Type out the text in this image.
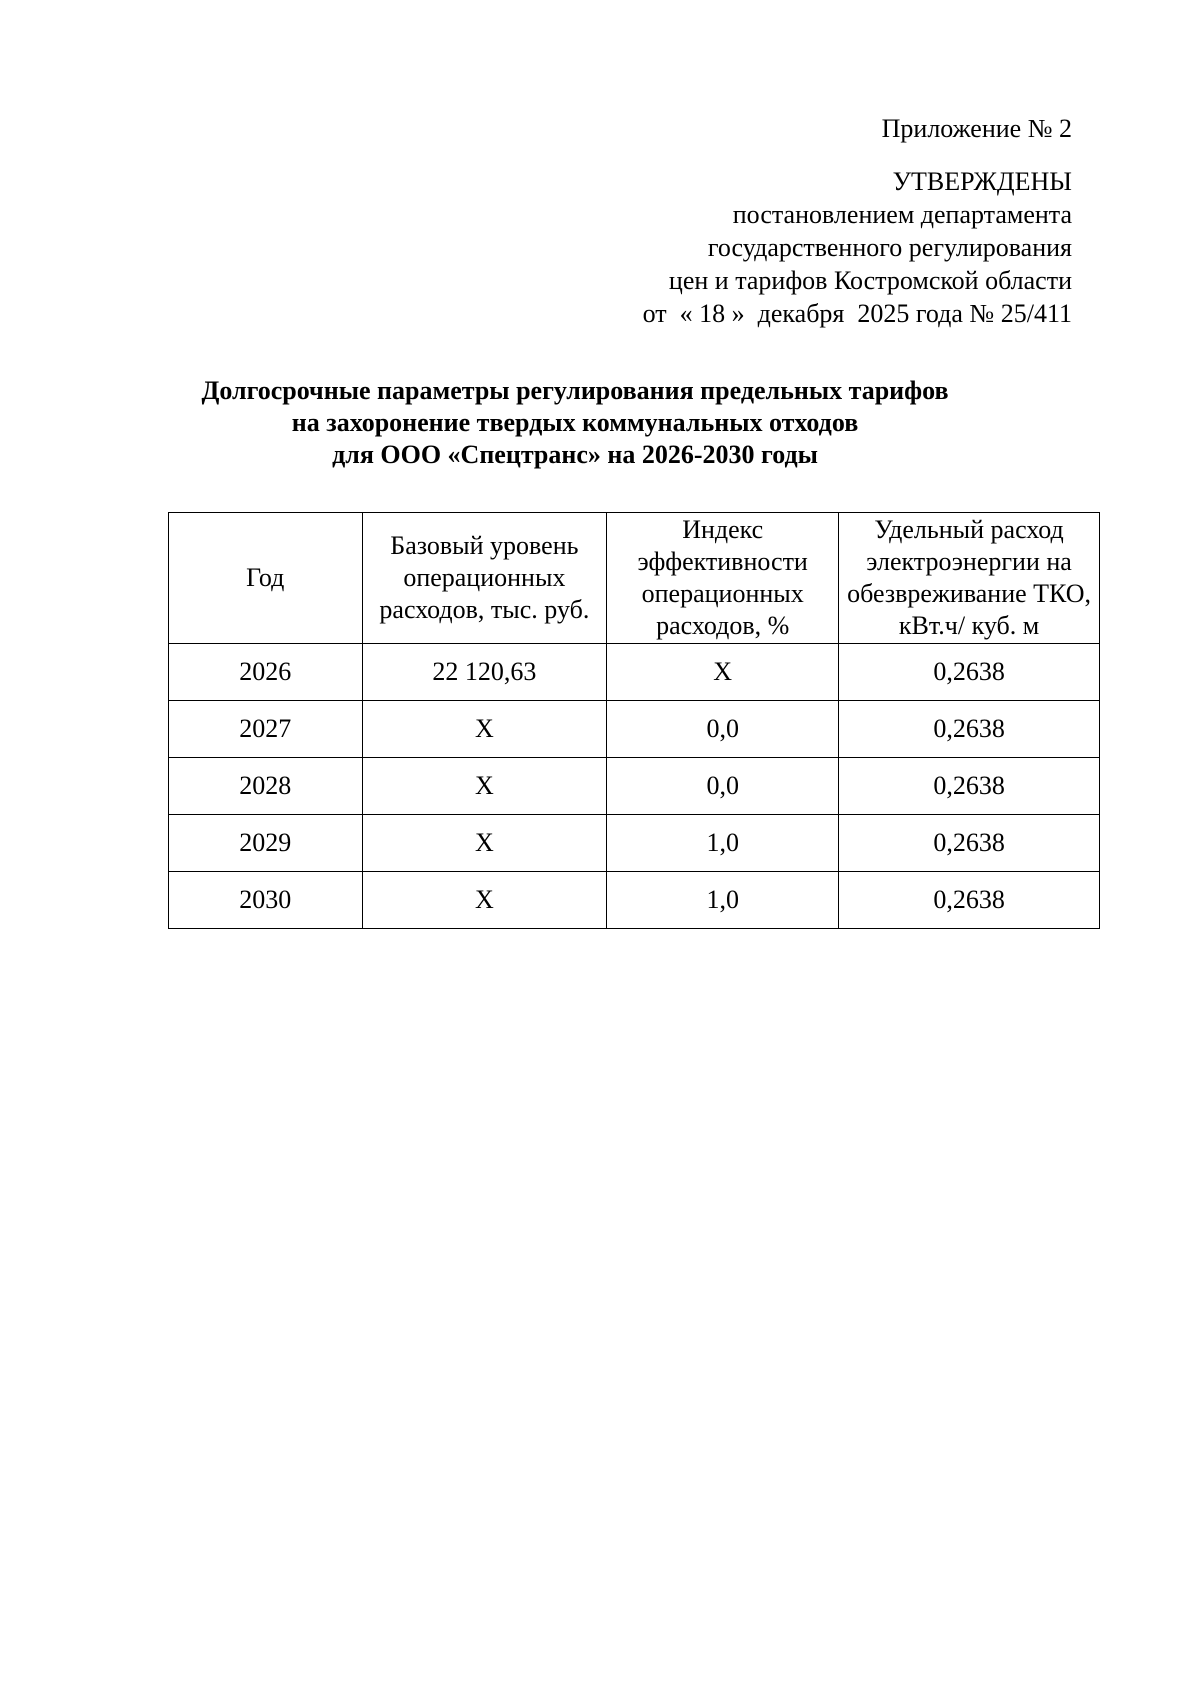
Приложение № 2
УТВЕРЖДЕНЫ
постановлением департамента
государственного регулирования
цен и тарифов Костромской области
от  « 18 »  декабря  2025 года № 25/411
Долгосрочные параметры регулирования предельных тарифов
на захоронение твердых коммунальных отходов
для ООО «Спецтранс» на 2026-2030 годы
Год	Базовый уровень операционных расходов, тыс. руб.	Индекс эффективности операционных расходов, %	Удельный расход электроэнергии на обезвреживание ТКО, кВт.ч/ куб. м
2026	22 120,63	Х	0,2638
2027	Х	0,0	0,2638
2028	Х	0,0	0,2638
2029	Х	1,0	0,2638
2030	Х	1,0	0,2638
